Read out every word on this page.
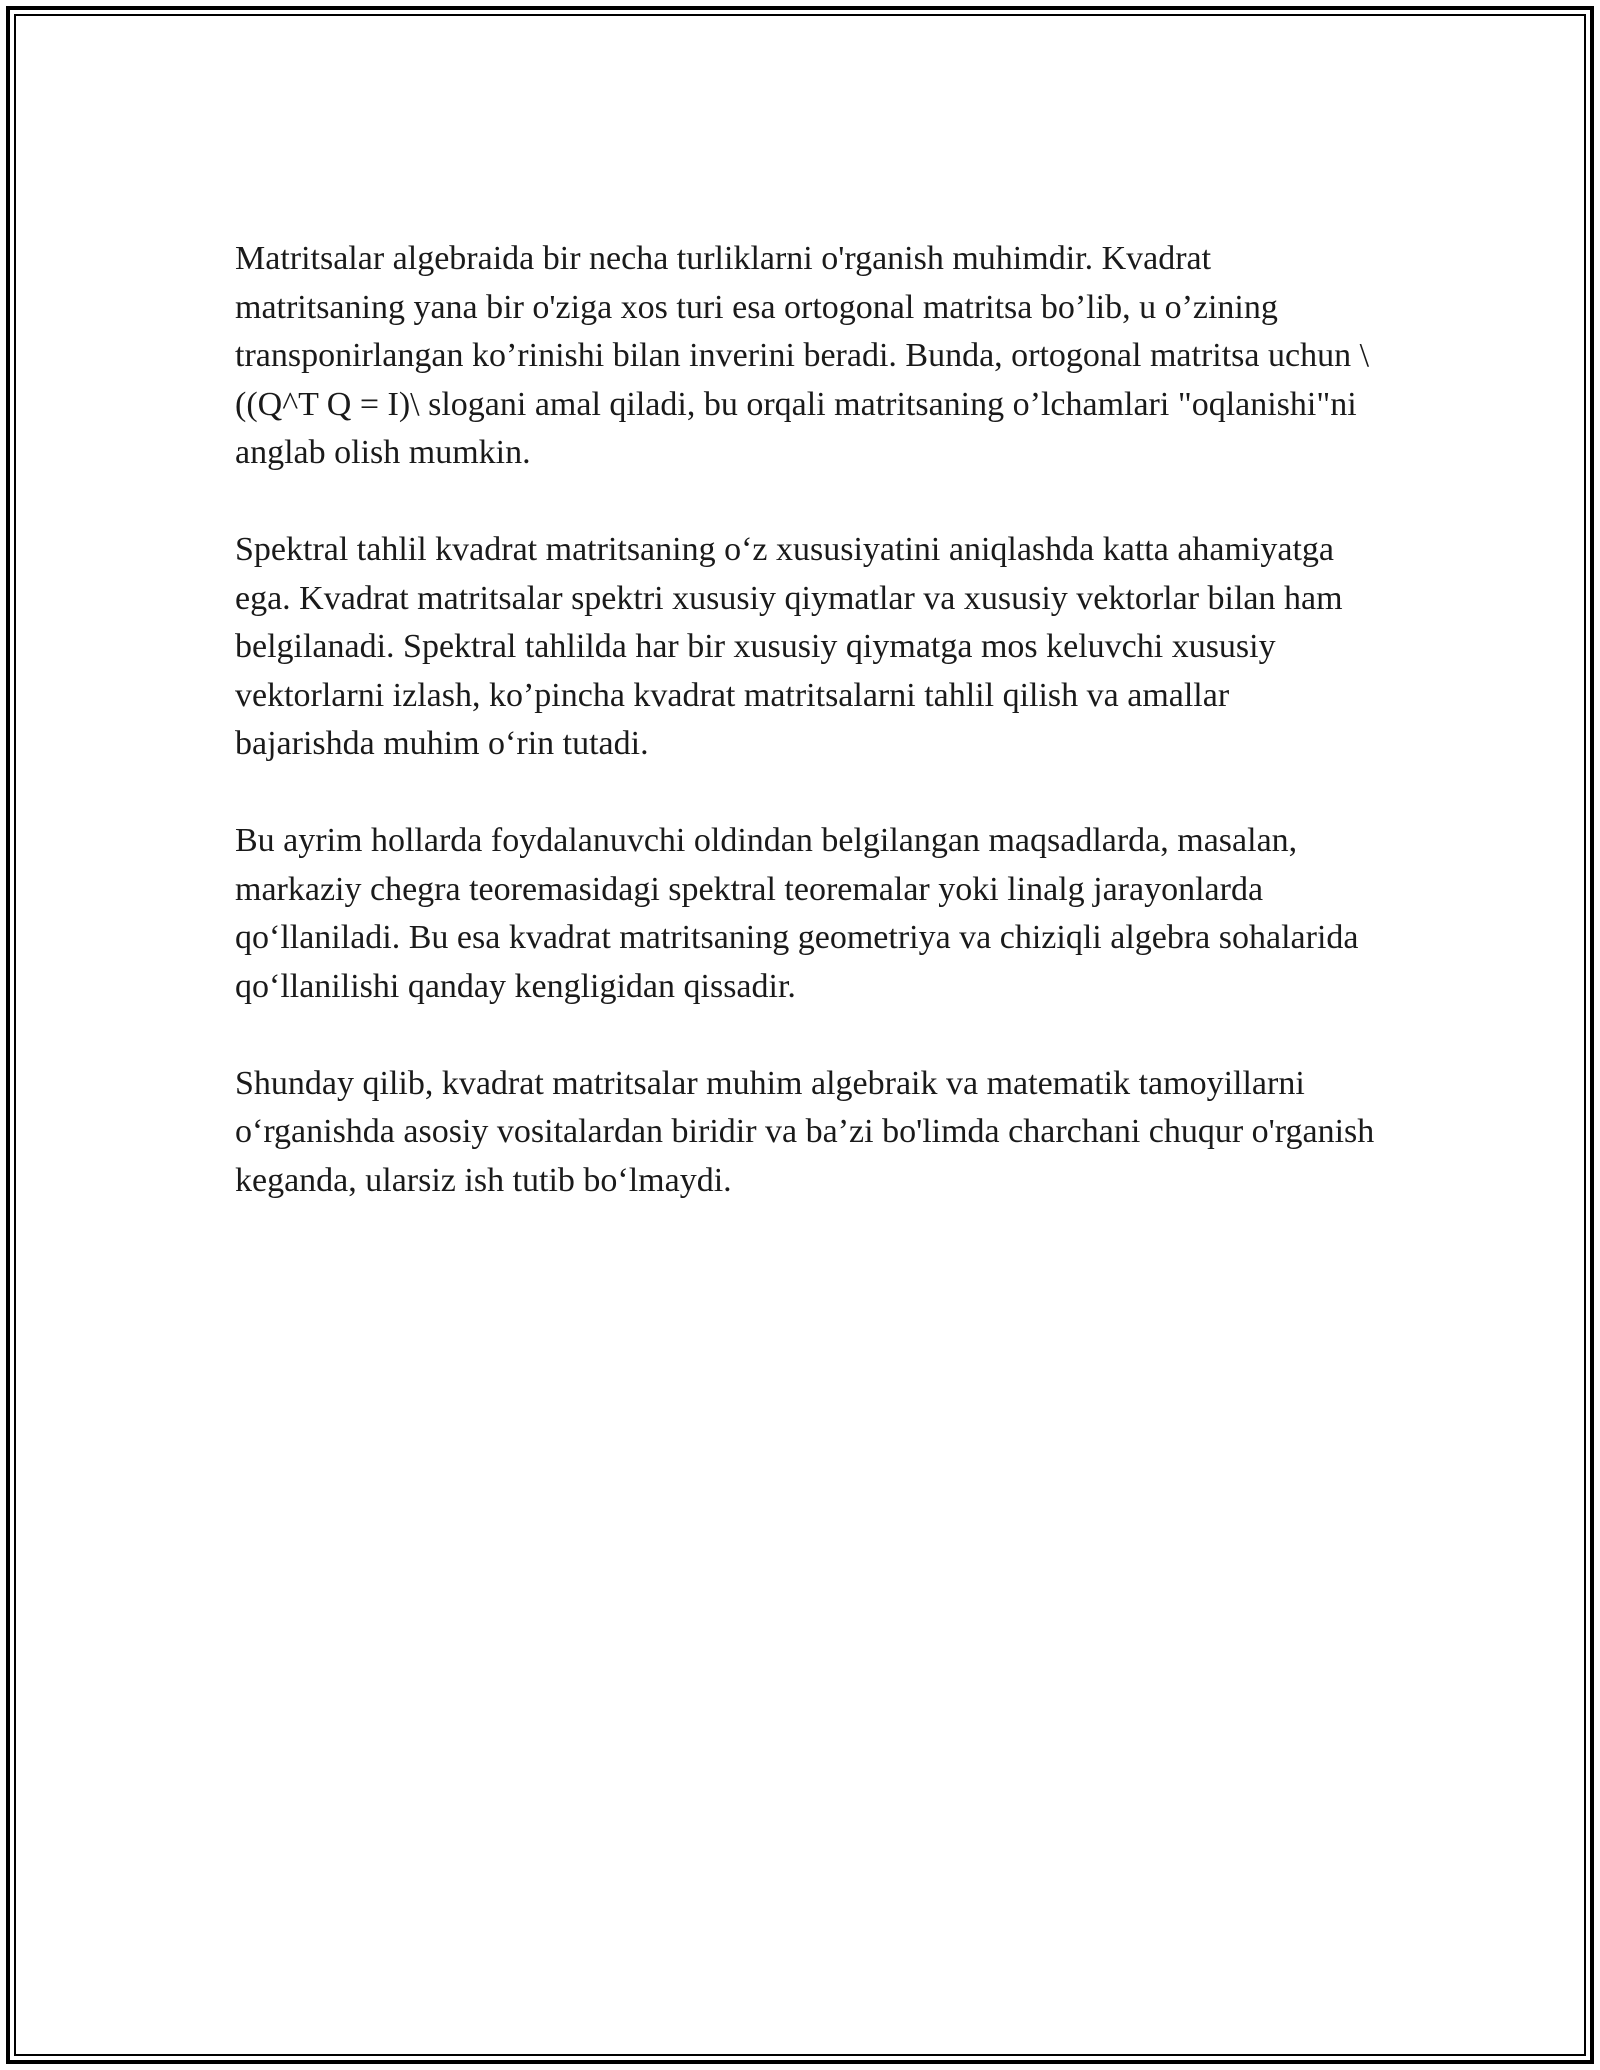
Matritsalar algebraida bir necha turliklarni o'rganish muhimdir. Kvadrat matritsaning yana bir o'ziga xos turi esa ortogonal matritsa bo’lib, u o’zining transponirlangan ko’rinishi bilan inverini beradi. Bunda, ortogonal matritsa uchun \((Q^T Q = I)\ slogani amal qiladi, bu orqali matritsaning o’lchamlari "oqlanishi"ni anglab olish mumkin.

Spektral tahlil kvadrat matritsaning o‘z xususiyatini aniqlashda katta ahamiyatga ega. Kvadrat matritsalar spektri xususiy qiymatlar va xususiy vektorlar bilan ham belgilanadi. Spektral tahlilda har bir xususiy qiymatga mos keluvchi xususiy vektorlarni izlash, ko’pincha kvadrat matritsalarni tahlil qilish va amallar bajarishda muhim o‘rin tutadi.

Bu ayrim hollarda foydalanuvchi oldindan belgilangan maqsadlarda, masalan, markaziy chegra teoremasidagi spektral teoremalar yoki linalg jarayonlarda qo‘llaniladi. Bu esa kvadrat matritsaning geometriya va chiziqli algebra sohalarida qo‘llanilishi qanday kengligidan qissadir.

Shunday qilib, kvadrat matritsalar muhim algebraik va matematik tamoyillarni o‘rganishda asosiy vositalardan biridir va ba’zi bo'limda charchani chuqur o'rganish keganda, ularsiz ish tutib bo‘lmaydi.
